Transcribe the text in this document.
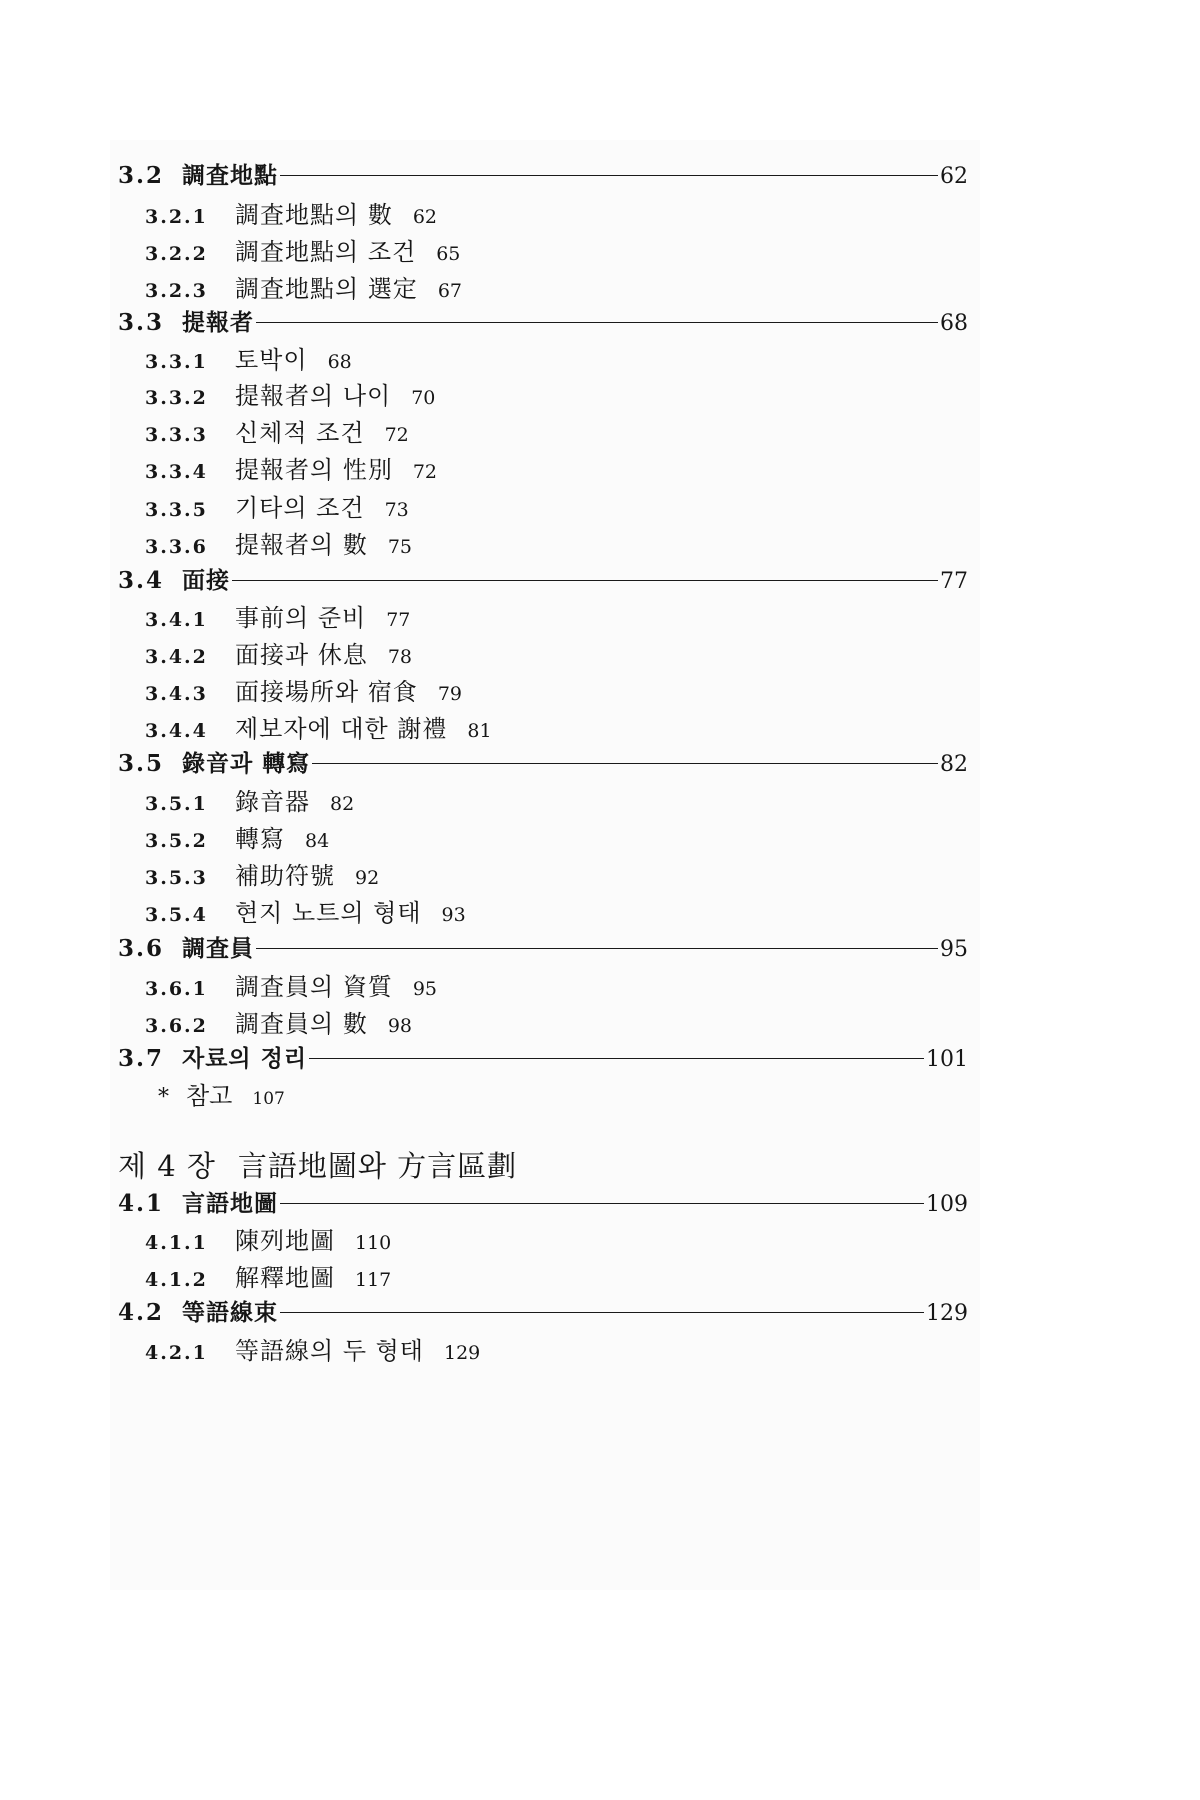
3.2 調査地點	62
3.2.1	調査地點의 數 62
3.2.2	調査地點의 조건 65
3.2.3	調査地點의 選定 67
3.3 提報者	68
3.3.1	토박이 68
3.3.2	提報者의 나이 70
3.3.3	신체적 조건 72
3.3.4	提報者의 性別 72
3.3.5	기타의 조건 73
3.3.6	提報者의 數 75
3.4 面接	77
3.4.1	事前의 준비 77
3.4.2	面接과 休息 78
3.4.3	面接場所와 宿食 79
3.4.4	제보자에 대한 謝禮 81
3.5 錄音과 轉寫	82
3.5.1	錄音器 82
3.5.2	轉寫 84
3.5.3	補助符號 92
3.5.4	현지 노트의 형태 93
3.6 調査員	95
3.6.1	調査員의 資質 95
3.6.2	調査員의 數 98
3.7 자료의 정리	101
* 참고 107
제 4 장 言語地圖와 方言區劃
4.1 言語地圖	109
4.1.1	陳列地圖 110
4.1.2	解釋地圖 117
4.2 等語線束	129
4.2.1	等語線의 두 형태 129
